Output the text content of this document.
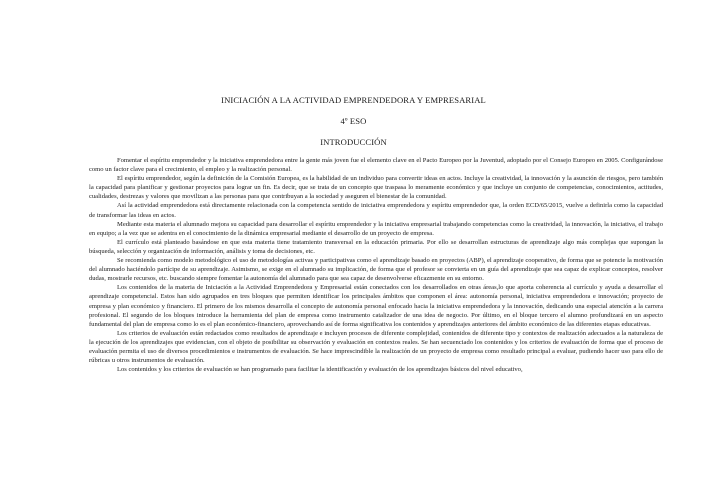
INICIACIÓN A LA ACTIVIDAD EMPRENDEDORA Y EMPRESARIAL
4º ESO
INTRODUCCIÓN

Fomentar el espíritu emprendedor y la iniciativa emprendedora entre la gente más joven fue el elemento clave en el Pacto Europeo por la Juventud, adoptado por el Consejo Europeo en 2005. Configurándose como un factor clave para el crecimiento, el empleo y la realización personal.

El espíritu emprendedor, según la definición de la Comisión Europea, es la habilidad de un individuo para convertir ideas en actos. Incluye la creatividad, la innovación y la asunción de riesgos, pero también la capacidad para planificar y gestionar proyectos para lograr un fin. Es decir, que se trata de un concepto que traspasa lo meramente económico y que incluye un conjunto de competencias, conocimientos, actitudes, cualidades, destrezas y valores que movilizan a las personas para que contribuyan a la sociedad y aseguren el bienestar de la comunidad.

Así la actividad emprendedora está directamente relacionada con la competencia sentido de iniciativa emprendedora y espíritu emprendedor que, la orden ECD/65/2015, vuelve a definirla como la capacidad de transformar las ideas en actos.

Mediante esta materia el alumnado mejora su capacidad para desarrollar el espíritu emprendedor y la iniciativa empresarial trabajando competencias como la creatividad, la innovación, la iniciativa, el trabajo en equipo; a la vez que se adentra en el conocimiento de la dinámica empresarial mediante el desarrollo de un proyecto de empresa.

El currículo está planteado basándose en que esta materia tiene tratamiento transversal en la educación primaria. Por ello se desarrollan estructuras de aprendizaje algo más complejas que supongan la búsqueda, selección y organización de información, análisis y toma de decisiones, etc.

Se recomienda como modelo metodológico el uso de metodologías activas y participativas como el aprendizaje basado en proyectos (ABP), el aprendizaje cooperativo, de forma que se potencie la motivación del alumnado haciéndolo partícipe de su aprendizaje. Asimismo, se exige en el alumnado su implicación, de forma que el profesor se convierta en un guía del aprendizaje que sea capaz de explicar conceptos, resolver dudas, mostrarle recursos, etc. buscando siempre fomentar la autonomía del alumnado para que sea capaz de desenvolverse eficazmente en su entorno.

Los contenidos de la materia de Iniciación a la Actividad Emprendedora y Empresarial están conectados con los desarrollados en otras áreas,lo que aporta coherencia al currículo y ayuda a desarrollar el aprendizaje competencial. Estos han sido agrupados en tres bloques que permiten identificar los principales ámbitos que componen el área: autonomía personal, iniciativa emprendedora e innovación; proyecto de empresa y plan económico y financiero. El primero de los mismos desarrolla el concepto de autonomía personal enfocado hacia la iniciativa emprendedora y la innovación, dedicando una especial atención a la carrera profesional. El segundo de los bloques introduce la herramienta del plan de empresa como instrumento catalizador de una idea de negocio. Por último, en el bloque tercero el alumno profundizará en un aspecto fundamental del plan de empresa como lo es el plan económico-financiero, aprovechando así de forma significativa los contenidos y aprendizajes anteriores del ámbito económico de las diferentes etapas educativas.

Los criterios de evaluación están redactados como resultados de aprendizaje e incluyen procesos de diferente complejidad, contenidos de diferente tipo y contextos de realización adecuados a la naturaleza de la ejecución de los aprendizajes que evidencian, con el objeto de posibilitar su observación y evaluación en contextos reales. Se han secuenciado los contenidos y los criterios de evaluación de forma que el proceso de evaluación permita el uso de diversos procedimientos e instrumentos de evaluación. Se hace imprescindible la realización de un proyecto de empresa como resultado principal a evaluar, pudiendo hacer uso para ello de rúbricas u otros instrumentos de evaluación.

Los contenidos y los criterios de evaluación se han programado para facilitar la identificación y evaluación de los aprendizajes básicos del nivel educativo,
